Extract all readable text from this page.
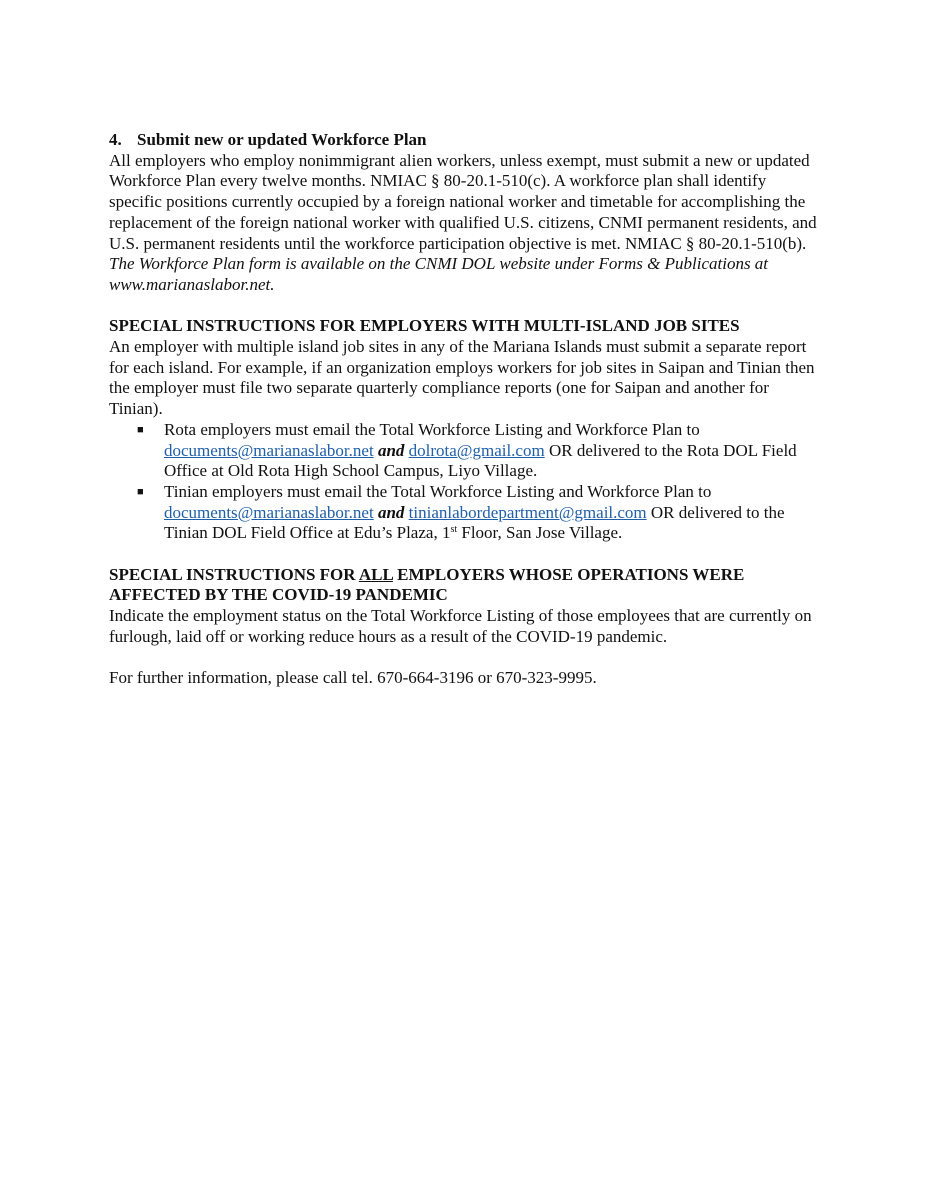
4. Submit new or updated Workforce Plan

All employers who employ nonimmigrant alien workers, unless exempt, must submit a new or updated Workforce Plan every twelve months. NMIAC § 80-20.1-510(c). A workforce plan shall identify specific positions currently occupied by a foreign national worker and timetable for accomplishing the replacement of the foreign national worker with qualified U.S. citizens, CNMI permanent residents, and U.S. permanent residents until the workforce participation objective is met. NMIAC § 80-20.1-510(b). The Workforce Plan form is available on the CNMI DOL website under Forms & Publications at www.marianaslabor.net.

SPECIAL INSTRUCTIONS FOR EMPLOYERS WITH MULTI-ISLAND JOB SITES

An employer with multiple island job sites in any of the Mariana Islands must submit a separate report for each island. For example, if an organization employs workers for job sites in Saipan and Tinian then the employer must file two separate quarterly compliance reports (one for Saipan and another for Tinian).

■ Rota employers must email the Total Workforce Listing and Workforce Plan to documents@marianaslabor.net and dolrota@gmail.com OR delivered to the Rota DOL Field Office at Old Rota High School Campus, Liyo Village.
■ Tinian employers must email the Total Workforce Listing and Workforce Plan to documents@marianaslabor.net and tinianlabordepartment@gmail.com OR delivered to the Tinian DOL Field Office at Edu’s Plaza, 1st Floor, San Jose Village.

SPECIAL INSTRUCTIONS FOR ALL EMPLOYERS WHOSE OPERATIONS WERE AFFECTED BY THE COVID-19 PANDEMIC

Indicate the employment status on the Total Workforce Listing of those employees that are currently on furlough, laid off or working reduce hours as a result of the COVID-19 pandemic.

For further information, please call tel. 670-664-3196 or 670-323-9995.
